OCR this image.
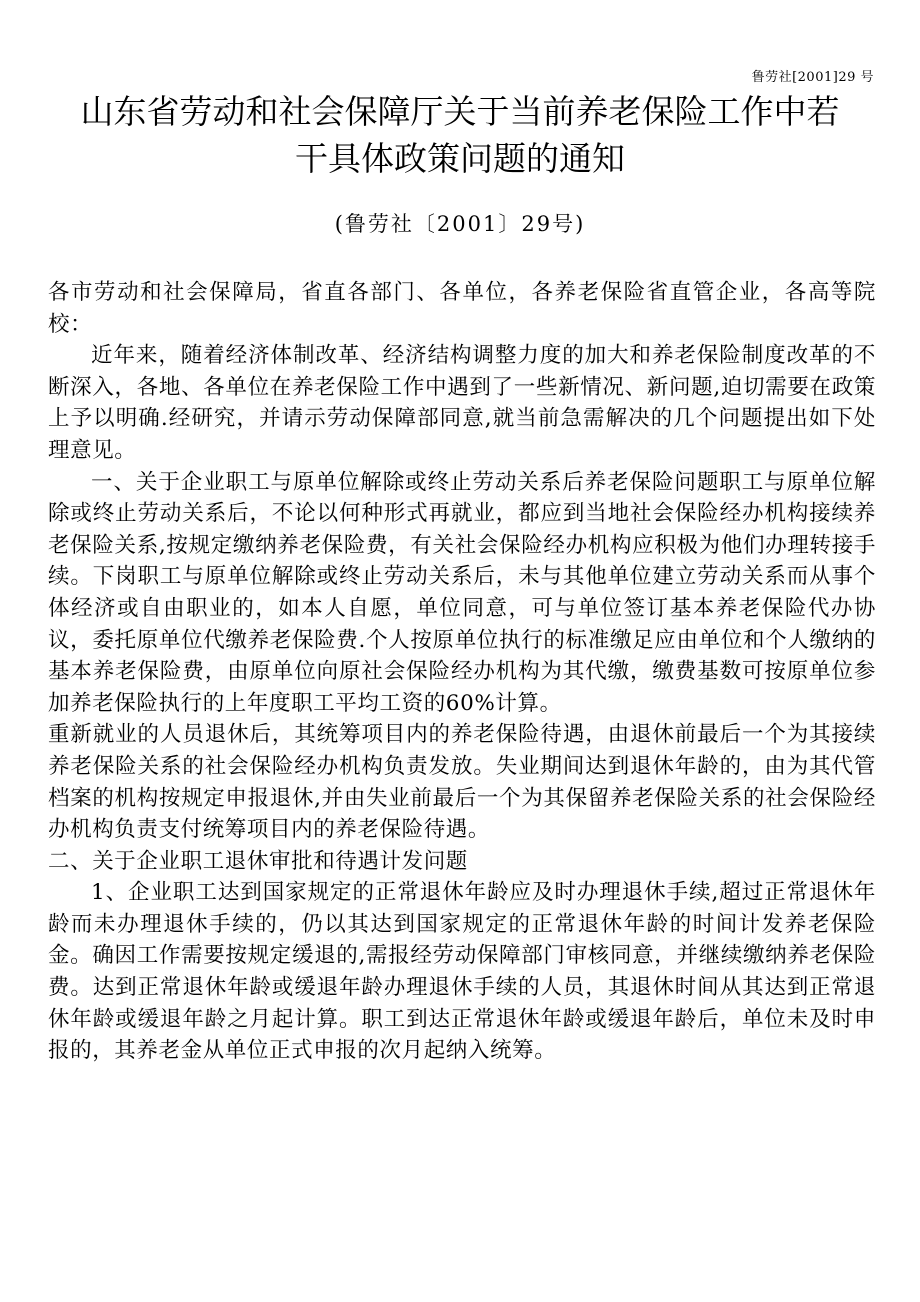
鲁劳社[2001]29 号
山东省劳动和社会保障厅关于当前养老保险工作中若
干具体政策问题的通知
(鲁劳社〔2001〕29号)

各市劳动和社会保障局，省直各部门、各单位，各养老保险省直管企业，各高等院校：

近年来，随着经济体制改革、经济结构调整力度的加大和养老保险制度改革的不断深入，各地、各单位在养老保险工作中遇到了一些新情况、新问题,迫切需要在政策上予以明确.经研究，并请示劳动保障部同意,就当前急需解决的几个问题提出如下处理意见。

一、关于企业职工与原单位解除或终止劳动关系后养老保险问题职工与原单位解除或终止劳动关系后，不论以何种形式再就业，都应到当地社会保险经办机构接续养老保险关系,按规定缴纳养老保险费，有关社会保险经办机构应积极为他们办理转接手续。下岗职工与原单位解除或终止劳动关系后，未与其他单位建立劳动关系而从事个体经济或自由职业的，如本人自愿，单位同意，可与单位签订基本养老保险代办协议，委托原单位代缴养老保险费.个人按原单位执行的标准缴足应由单位和个人缴纳的基本养老保险费，由原单位向原社会保险经办机构为其代缴，缴费基数可按原单位参加养老保险执行的上年度职工平均工资的60%计算。

重新就业的人员退休后，其统筹项目内的养老保险待遇，由退休前最后一个为其接续养老保险关系的社会保险经办机构负责发放。失业期间达到退休年龄的，由为其代管档案的机构按规定申报退休,并由失业前最后一个为其保留养老保险关系的社会保险经办机构负责支付统筹项目内的养老保险待遇。

二、关于企业职工退休审批和待遇计发问题

1、企业职工达到国家规定的正常退休年龄应及时办理退休手续,超过正常退休年龄而未办理退休手续的，仍以其达到国家规定的正常退休年龄的时间计发养老保险金。确因工作需要按规定缓退的,需报经劳动保障部门审核同意，并继续缴纳养老保险费。达到正常退休年龄或缓退年龄办理退休手续的人员，其退休时间从其达到正常退休年龄或缓退年龄之月起计算。职工到达正常退休年龄或缓退年龄后，单位未及时申报的，其养老金从单位正式申报的次月起纳入统筹。
